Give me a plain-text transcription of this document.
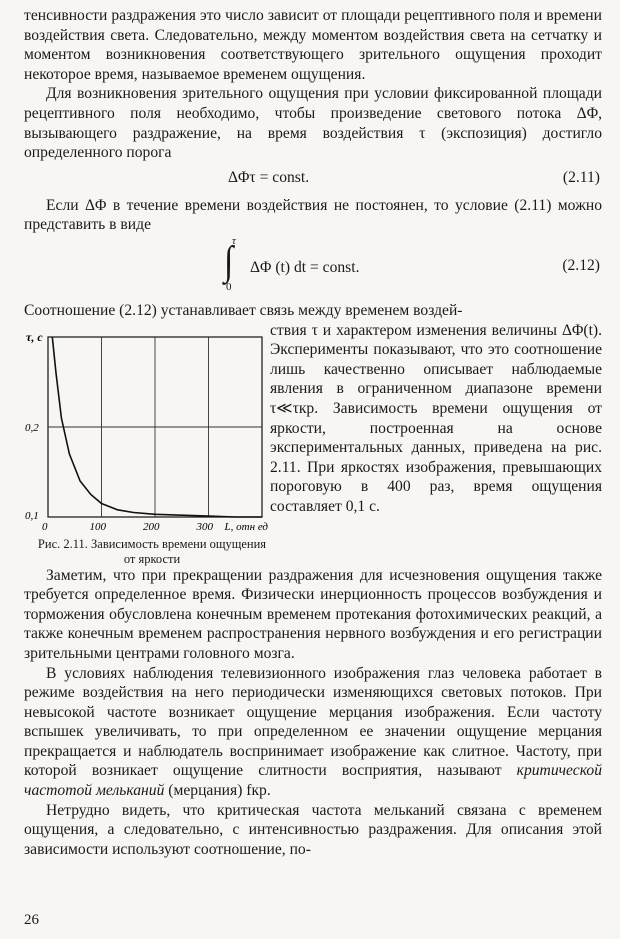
тенсивности раздражения это число зависит от площади рецептивного поля и времени воздействия света. Следовательно, между моментом воздействия света на сетчатку и моментом возникновения соответствующего зрительного ощущения проходит некоторое время, называемое временем ощущения.

Для возникновения зрительного ощущения при условии фиксированной площади рецептивного поля необходимо, чтобы произведение светового потока ΔΦ, вызывающего раздражение, на время воздействия τ (экспозиция) достигло определенного порога

ΔΦτ = const.	(2.11)

Если ΔΦ в течение времени воздействия не постоянен, то условие (2.11) можно представить в виде

τ
∫
0
ΔΦ (t) dt = const.	(2.12)

Соотношение (2.12) устанавливает связь между временем воздей-

τ, c
0,2
0,1
0	100	200	300 L, отн ед
Рис. 2.11. Зависимость времени ощущения от яркости

ствия τ и характером изменения величины ΔΦ(t). Эксперименты показывают, что это соотношение лишь качественно описывает наблюдаемые явления в ограниченном диапазоне времени τ≪τкр. Зависимость времени ощущения от яркости, построенная на основе экспериментальных данных, приведена на рис. 2.11. При яркостях изображения, превышающих пороговую в 400 раз, время ощущения составляет 0,1 с.

Заметим, что при прекращении раздражения для исчезновения ощущения также требуется определенное время. Физически инерционность процессов возбуждения и торможения обусловлена конечным временем протекания фотохимических реакций, а также конечным временем распространения нервного возбуждения и его регистрации зрительными центрами головного мозга.

В условиях наблюдения телевизионного изображения глаз человека работает в режиме воздействия на него периодически изменяющихся световых потоков. При невысокой частоте возникает ощущение мерцания изображения. Если частоту вспышек увеличивать, то при определенном ее значении ощущение мерцания прекращается и наблюдатель воспринимает изображение как слитное. Частоту, при которой возникает ощущение слитности восприятия, называют критической частотой мельканий (мерцания) fкр.

Нетрудно видеть, что критическая частота мельканий связана с временем ощущения, а следовательно, с интенсивностью раздражения. Для описания этой зависимости используют соотношение, по-

26
